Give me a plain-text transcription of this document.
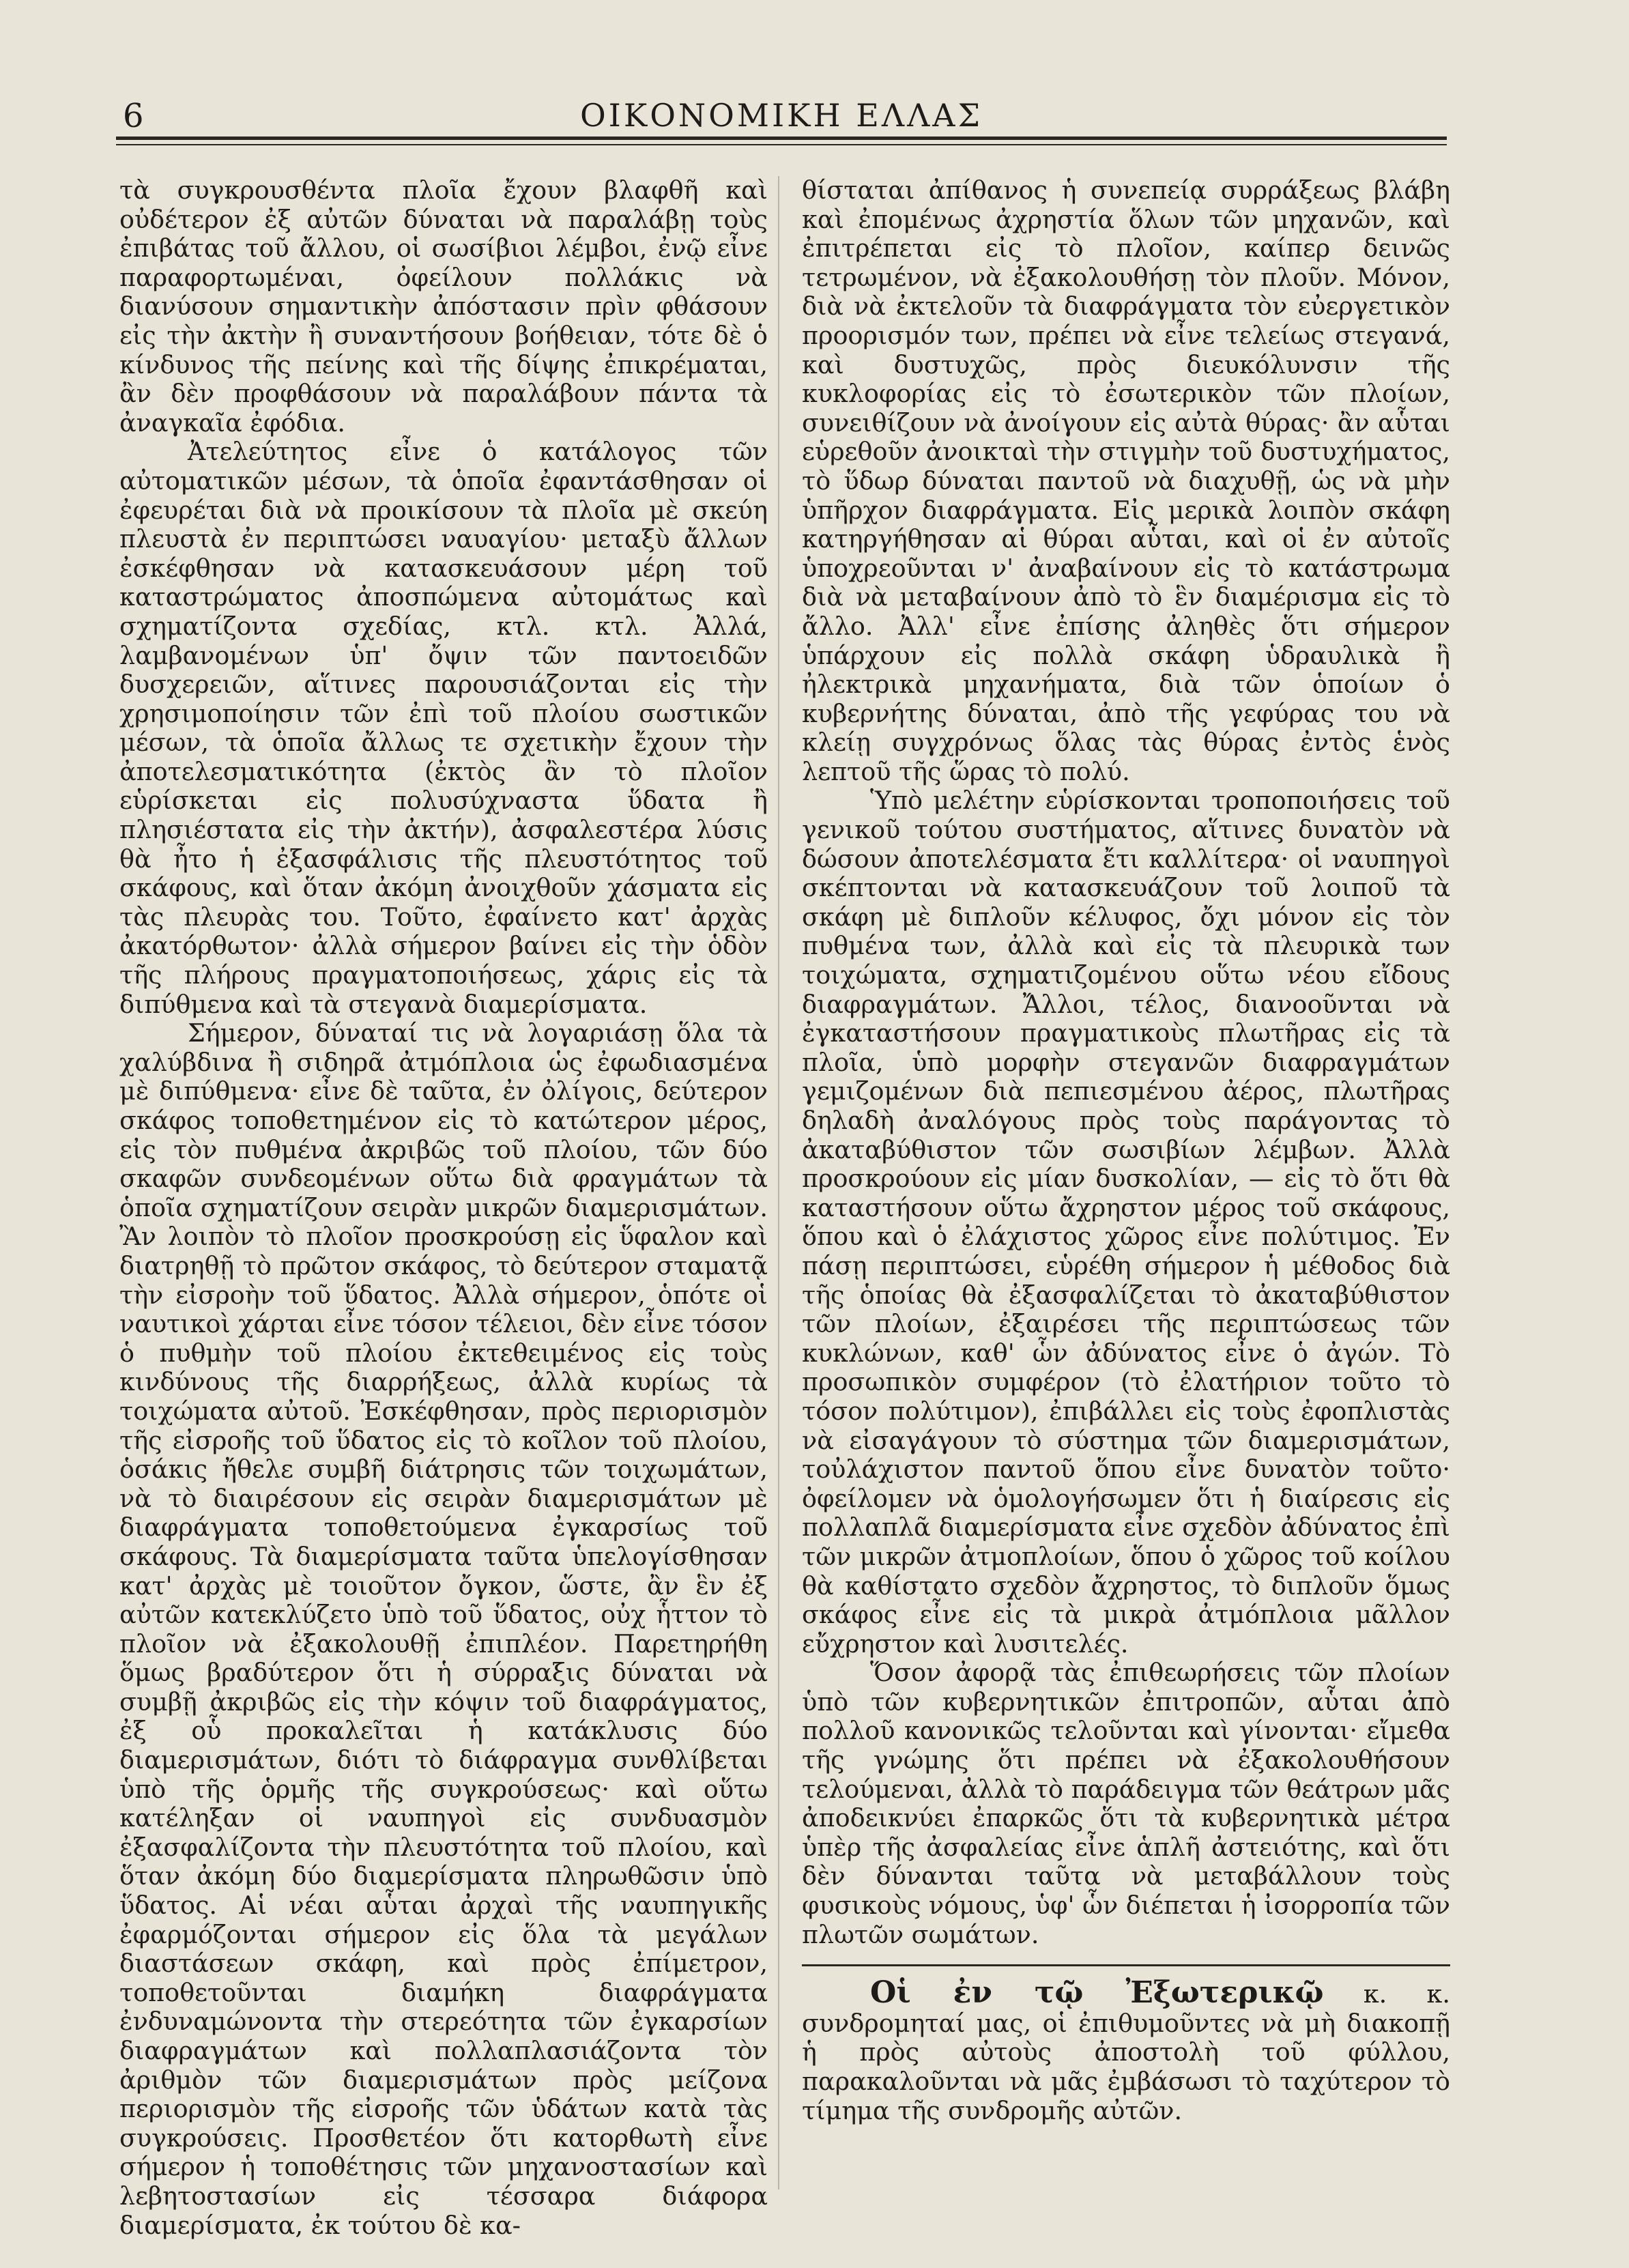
6	ΟΙΚΟΝΟΜΙΚΗ ΕΛΛΑΣ

τὰ συγκρουσθέντα πλοῖα ἔχουν βλαφθῆ καὶ οὐδέτερον ἐξ αὐτῶν δύναται νὰ παραλάβῃ τοὺς ἐπιβάτας τοῦ ἄλλου, οἱ σωσίβιοι λέμβοι, ἐνῷ εἶνε παραφορτωμέναι, ὀφείλουν πολλάκις νὰ διανύσουν σημαντικὴν ἀπόστασιν πρὶν φθάσουν εἰς τὴν ἀκτὴν ἢ συναντήσουν βοήθειαν, τότε δὲ ὁ κίνδυνος τῆς πείνης καὶ τῆς δίψης ἐπικρέμαται, ἂν δὲν προφθάσουν νὰ παραλάβουν πάντα τὰ ἀναγκαῖα ἐφόδια.

Ἀτελεύτητος εἶνε ὁ κατάλογος τῶν αὐτοματικῶν μέσων, τὰ ὁποῖα ἐφαντάσθησαν οἱ ἐφευρέται διὰ νὰ προικίσουν τὰ πλοῖα μὲ σκεύη πλευστὰ ἐν περιπτώσει ναυαγίου· μεταξὺ ἄλλων ἐσκέφθησαν νὰ κατασκευάσουν μέρη τοῦ καταστρώματος ἀποσπώμενα αὐτομάτως καὶ σχηματίζοντα σχεδίας, κτλ. κτλ. Ἀλλά, λαμβανομένων ὑπ' ὄψιν τῶν παντοειδῶν δυσχερειῶν, αἵτινες παρουσιάζονται εἰς τὴν χρησιμοποίησιν τῶν ἐπὶ τοῦ πλοίου σωστικῶν μέσων, τὰ ὁποῖα ἄλλως τε σχετικὴν ἔχουν τὴν ἀποτελεσματικότητα (ἐκτὸς ἂν τὸ πλοῖον εὑρίσκεται εἰς πολυσύχναστα ὕδατα ἢ πλησιέστατα εἰς τὴν ἀκτήν), ἀσφαλεστέρα λύσις θὰ ἦτο ἡ ἐξασφάλισις τῆς πλευστότητος τοῦ σκάφους, καὶ ὅταν ἀκόμη ἀνοιχθοῦν χάσματα εἰς τὰς πλευρὰς του. Τοῦτο, ἐφαίνετο κατ' ἀρχὰς ἀκατόρθωτον· ἀλλὰ σήμερον βαίνει εἰς τὴν ὁδὸν τῆς πλήρους πραγματοποιήσεως, χάρις εἰς τὰ διπύθμενα καὶ τὰ στεγανὰ διαμερίσματα.

Σήμερον, δύναταί τις νὰ λογαριάσῃ ὅλα τὰ χαλύβδινα ἢ σιδηρᾶ ἀτμόπλοια ὡς ἐφωδιασμένα μὲ διπύθμενα· εἶνε δὲ ταῦτα, ἐν ὀλίγοις, δεύτερον σκάφος τοποθετημένον εἰς τὸ κατώτερον μέρος, εἰς τὸν πυθμένα ἀκριβῶς τοῦ πλοίου, τῶν δύο σκαφῶν συνδεομένων οὕτω διὰ φραγμάτων τὰ ὁποῖα σχηματίζουν σειρὰν μικρῶν διαμερισμάτων. Ἂν λοιπὸν τὸ πλοῖον προσκρούσῃ εἰς ὕφαλον καὶ διατρηθῇ τὸ πρῶτον σκάφος, τὸ δεύτερον σταματᾷ τὴν εἰσροὴν τοῦ ὕδατος. Ἀλλὰ σήμερον, ὁπότε οἱ ναυτικοὶ χάρται εἶνε τόσον τέλειοι, δὲν εἶνε τόσον ὁ πυθμὴν τοῦ πλοίου ἐκτεθειμένος εἰς τοὺς κινδύνους τῆς διαρρήξεως, ἀλλὰ κυρίως τὰ τοιχώματα αὐτοῦ. Ἐσκέφθησαν, πρὸς περιορισμὸν τῆς εἰσροῆς τοῦ ὕδατος εἰς τὸ κοῖλον τοῦ πλοίου, ὁσάκις ἤθελε συμβῆ διάτρησις τῶν τοιχωμάτων, νὰ τὸ διαιρέσουν εἰς σειρὰν διαμερισμάτων μὲ διαφράγματα τοποθετούμενα ἐγκαρσίως τοῦ σκάφους. Τὰ διαμερίσματα ταῦτα ὑπελογίσθησαν κατ' ἀρχὰς μὲ τοιοῦτον ὄγκον, ὥστε, ἂν ἓν ἐξ αὐτῶν κατεκλύζετο ὑπὸ τοῦ ὕδατος, οὐχ ἧττον τὸ πλοῖον νὰ ἐξακολουθῇ ἐπιπλέον. Παρετηρήθη ὅμως βραδύτερον ὅτι ἡ σύρραξις δύναται νὰ συμβῇ ἀκριβῶς εἰς τὴν κόψιν τοῦ διαφράγματος, ἐξ οὗ προκαλεῖται ἡ κατάκλυσις δύο διαμερισμάτων, διότι τὸ διάφραγμα συνθλίβεται ὑπὸ τῆς ὁρμῆς τῆς συγκρούσεως· καὶ οὕτω κατέληξαν οἱ ναυπηγοὶ εἰς συνδυασμὸν ἐξασφαλίζοντα τὴν πλευστότητα τοῦ πλοίου, καὶ ὅταν ἀκόμη δύο διαμερίσματα πληρωθῶσιν ὑπὸ ὕδατος. Αἱ νέαι αὗται ἀρχαὶ τῆς ναυπηγικῆς ἐφαρμόζονται σήμερον εἰς ὅλα τὰ μεγάλων διαστάσεων σκάφη, καὶ πρὸς ἐπίμετρον, τοποθετοῦνται διαμήκη διαφράγματα ἐνδυναμώνοντα τὴν στερεότητα τῶν ἐγκαρσίων διαφραγμάτων καὶ πολλαπλασιάζοντα τὸν ἀριθμὸν τῶν διαμερισμάτων πρὸς μείζονα περιορισμὸν τῆς εἰσροῆς τῶν ὑδάτων κατὰ τὰς συγκρούσεις. Προσθετέον ὅτι κατορθωτὴ εἶνε σήμερον ἡ τοποθέτησις τῶν μηχανοστασίων καὶ λεβητοστασίων εἰς τέσσαρα διάφορα διαμερίσματα, ἐκ τούτου δὲ κα-

θίσταται ἀπίθανος ἡ συνεπείᾳ συρράξεως βλάβη καὶ ἐπομένως ἀχρηστία ὅλων τῶν μηχανῶν, καὶ ἐπιτρέπεται εἰς τὸ πλοῖον, καίπερ δεινῶς τετρωμένον, νὰ ἐξακολουθήσῃ τὸν πλοῦν. Μόνον, διὰ νὰ ἐκτελοῦν τὰ διαφράγματα τὸν εὐεργετικὸν προορισμόν των, πρέπει νὰ εἶνε τελείως στεγανά, καὶ δυστυχῶς, πρὸς διευκόλυνσιν τῆς κυκλοφορίας εἰς τὸ ἐσωτερικὸν τῶν πλοίων, συνειθίζουν νὰ ἀνοίγουν εἰς αὐτὰ θύρας· ἂν αὗται εὑρεθοῦν ἀνοικταὶ τὴν στιγμὴν τοῦ δυστυχήματος, τὸ ὕδωρ δύναται παντοῦ νὰ διαχυθῇ, ὡς νὰ μὴν ὑπῆρχον διαφράγματα. Εἰς μερικὰ λοιπὸν σκάφη κατηργήθησαν αἱ θύραι αὗται, καὶ οἱ ἐν αὐτοῖς ὑποχρεοῦνται ν' ἀναβαίνουν εἰς τὸ κατάστρωμα διὰ νὰ μεταβαίνουν ἀπὸ τὸ ἓν διαμέρισμα εἰς τὸ ἄλλο. Ἀλλ' εἶνε ἐπίσης ἀληθὲς ὅτι σήμερον ὑπάρχουν εἰς πολλὰ σκάφη ὑδραυλικὰ ἢ ἠλεκτρικὰ μηχανήματα, διὰ τῶν ὁποίων ὁ κυβερνήτης δύναται, ἀπὸ τῆς γεφύρας του νὰ κλείῃ συγχρόνως ὅλας τὰς θύρας ἐντὸς ἑνὸς λεπτοῦ τῆς ὥρας τὸ πολύ.

Ὑπὸ μελέτην εὑρίσκονται τροποποιήσεις τοῦ γενικοῦ τούτου συστήματος, αἵτινες δυνατὸν νὰ δώσουν ἀποτελέσματα ἔτι καλλίτερα· οἱ ναυπηγοὶ σκέπτονται νὰ κατασκευάζουν τοῦ λοιποῦ τὰ σκάφη μὲ διπλοῦν κέλυφος, ὄχι μόνον εἰς τὸν πυθμένα των, ἀλλὰ καὶ εἰς τὰ πλευρικὰ των τοιχώματα, σχηματιζομένου οὕτω νέου εἴδους διαφραγμάτων. Ἄλλοι, τέλος, διανοοῦνται νὰ ἐγκαταστήσουν πραγματικοὺς πλωτῆρας εἰς τὰ πλοῖα, ὑπὸ μορφὴν στεγανῶν διαφραγμάτων γεμιζομένων διὰ πεπιεσμένου ἀέρος, πλωτῆρας δηλαδὴ ἀναλόγους πρὸς τοὺς παράγοντας τὸ ἀκαταβύθιστον τῶν σωσιβίων λέμβων. Ἀλλὰ προσκρούουν εἰς μίαν δυσκολίαν, — εἰς τὸ ὅτι θὰ καταστήσουν οὕτω ἄχρηστον μέρος τοῦ σκάφους, ὅπου καὶ ὁ ἐλάχιστος χῶρος εἶνε πολύτιμος. Ἐν πάσῃ περιπτώσει, εὑρέθη σήμερον ἡ μέθοδος διὰ τῆς ὁποίας θὰ ἐξασφαλίζεται τὸ ἀκαταβύθιστον τῶν πλοίων, ἐξαιρέσει τῆς περιπτώσεως τῶν κυκλώνων, καθ' ὧν ἀδύνατος εἶνε ὁ ἀγών. Τὸ προσωπικὸν συμφέρον (τὸ ἐλατήριον τοῦτο τὸ τόσον πολύτιμον), ἐπιβάλλει εἰς τοὺς ἐφοπλιστὰς νὰ εἰσαγάγουν τὸ σύστημα τῶν διαμερισμάτων, τοὐλάχιστον παντοῦ ὅπου εἶνε δυνατὸν τοῦτο· ὀφείλομεν νὰ ὁμολογήσωμεν ὅτι ἡ διαίρεσις εἰς πολλαπλᾶ διαμερίσματα εἶνε σχεδὸν ἀδύνατος ἐπὶ τῶν μικρῶν ἀτμοπλοίων, ὅπου ὁ χῶρος τοῦ κοίλου θὰ καθίστατο σχεδὸν ἄχρηστος, τὸ διπλοῦν ὅμως σκάφος εἶνε εἰς τὰ μικρὰ ἀτμόπλοια μᾶλλον εὔχρηστον καὶ λυσιτελές.

Ὅσον ἀφορᾷ τὰς ἐπιθεωρήσεις τῶν πλοίων ὑπὸ τῶν κυβερνητικῶν ἐπιτροπῶν, αὗται ἀπὸ πολλοῦ κανονικῶς τελοῦνται καὶ γίνονται· εἴμεθα τῆς γνώμης ὅτι πρέπει νὰ ἐξακολουθήσουν τελούμεναι, ἀλλὰ τὸ παράδειγμα τῶν θεάτρων μᾶς ἀποδεικνύει ἐπαρκῶς ὅτι τὰ κυβερνητικὰ μέτρα ὑπὲρ τῆς ἀσφαλείας εἶνε ἁπλῆ ἀστειότης, καὶ ὅτι δὲν δύνανται ταῦτα νὰ μεταβάλλουν τοὺς φυσικοὺς νόμους, ὑφ' ὧν διέπεται ἡ ἰσορροπία τῶν πλωτῶν σωμάτων.

Οἱ ἐν τῷ Ἐξωτερικῷ κ. κ. συνδρομηταί μας, οἱ ἐπιθυμοῦντες νὰ μὴ διακοπῇ ἡ πρὸς αὐτοὺς ἀποστολὴ τοῦ φύλλου, παρακαλοῦνται νὰ μᾶς ἐμβάσωσι τὸ ταχύτερον τὸ τίμημα τῆς συνδρομῆς αὐτῶν.
